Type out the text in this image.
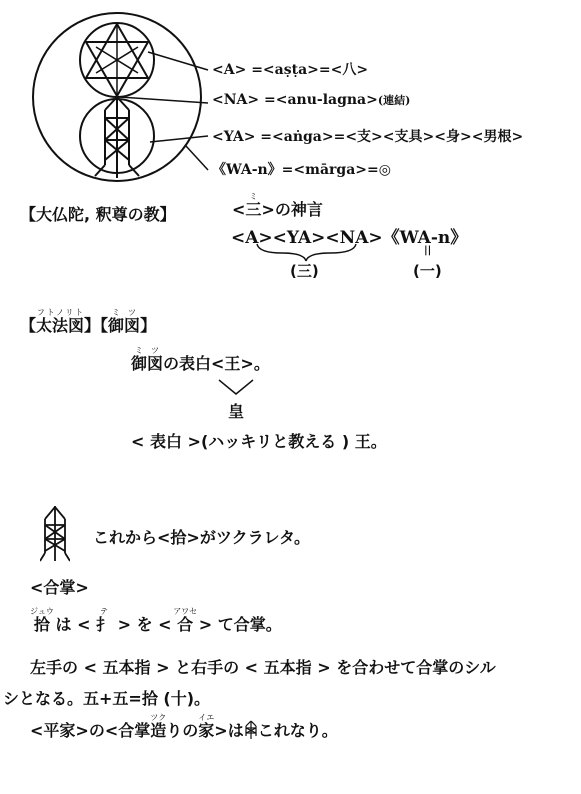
<A> =<aṣṭa>=<八>
<NA> =<anu-lagna>(連結)
<YA> =<aṅga>=<支><支具><身><男根>
《WA-n》=<mārga>=◎
【大仏陀, 釈尊の教】	<三ミ>の神言
<A><YA><NA>《WA-n》
||
(三)	(一)
【太法図フトノリト】【御図ミツ】
御図ミツの表白<王>。
皇
< 表白 >(ハッキリと教える ) 王。
これから<拾>がツクラレタ。
<合掌>
拾ジュウ は < 扌テ > を < 合アワセ > て合掌。
左手の < 五本指 > と右手の < 五本指 > を合わせて合掌のシル
シとなる。五+五=拾 (十)。
<平家>の<合掌造ツクりの家イエ>は これなり。
